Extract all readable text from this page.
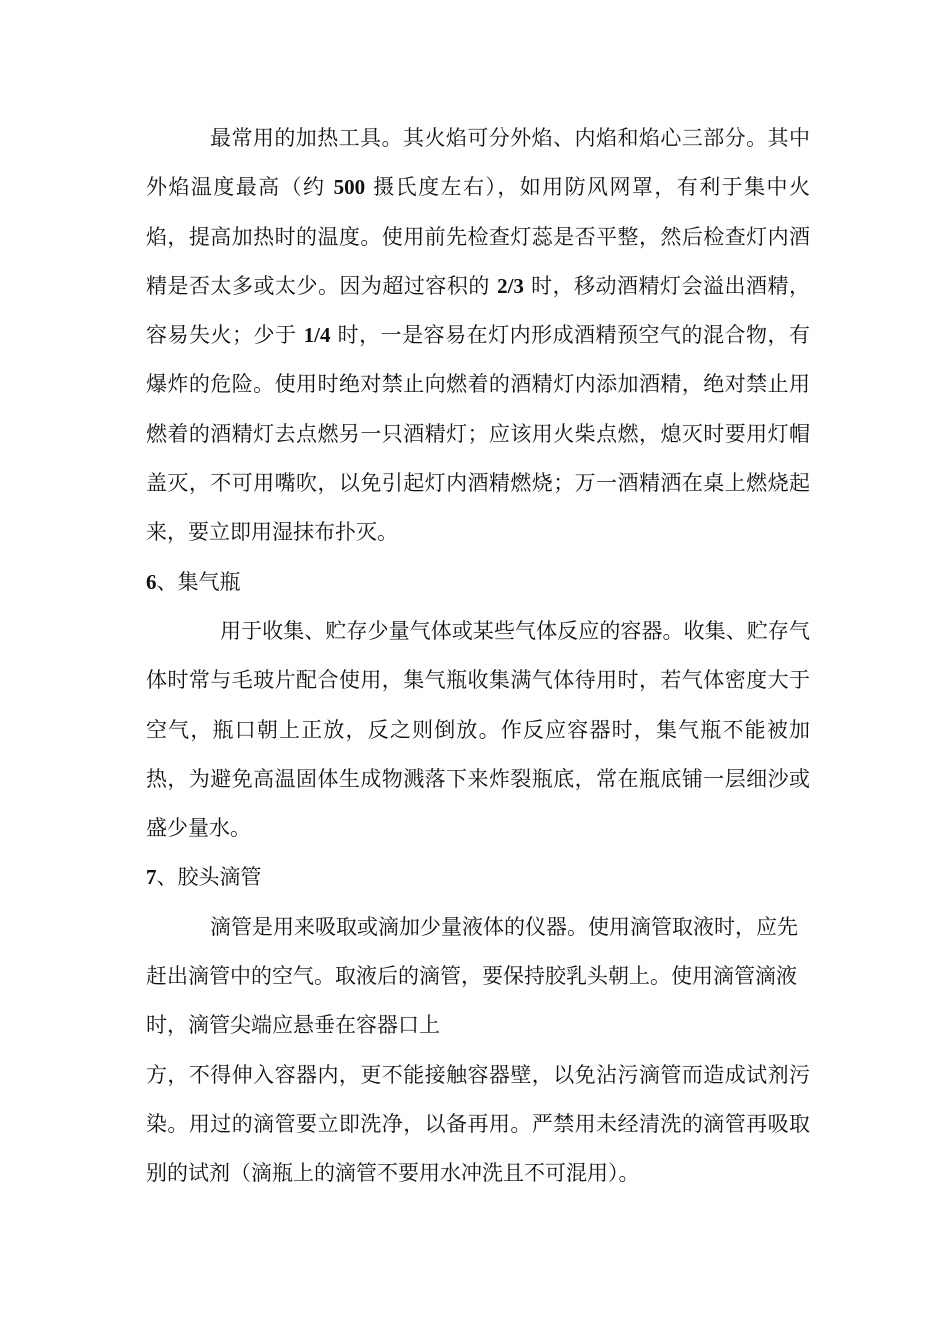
最常用的加热工具。其火焰可分外焰、内焰和焰心三部分。其中外焰温度最高（约 500 摄氏度左右），如用防风网罩，有利于集中火焰，提高加热时的温度。使用前先检查灯蕊是否平整，然后检查灯内酒精是否太多或太少。因为超过容积的 2/3 时，移动酒精灯会溢出酒精，容易失火；少于 1/4 时，一是容易在灯内形成酒精预空气的混合物，有爆炸的危险。使用时绝对禁止向燃着的酒精灯内添加酒精，绝对禁止用燃着的酒精灯去点燃另一只酒精灯；应该用火柴点燃，熄灭时要用灯帽盖灭，不可用嘴吹，以免引起灯内酒精燃烧；万一酒精洒在桌上燃烧起来，要立即用湿抹布扑灭。

6、集气瓶

用于收集、贮存少量气体或某些气体反应的容器。收集、贮存气体时常与毛玻片配合使用，集气瓶收集满气体待用时，若气体密度大于空气，瓶口朝上正放，反之则倒放。作反应容器时，集气瓶不能被加热，为避免高温固体生成物溅落下来炸裂瓶底，常在瓶底铺一层细沙或盛少量水。

7、胶头滴管

滴管是用来吸取或滴加少量液体的仪器。使用滴管取液时，应先赶出滴管中的空气。取液后的滴管，要保持胶乳头朝上。使用滴管滴液时，滴管尖端应悬垂在容器口上

方，不得伸入容器内，更不能接触容器壁，以免沾污滴管而造成试剂污染。用过的滴管要立即洗净，以备再用。严禁用未经清洗的滴管再吸取别的试剂（滴瓶上的滴管不要用水冲洗且不可混用）。
